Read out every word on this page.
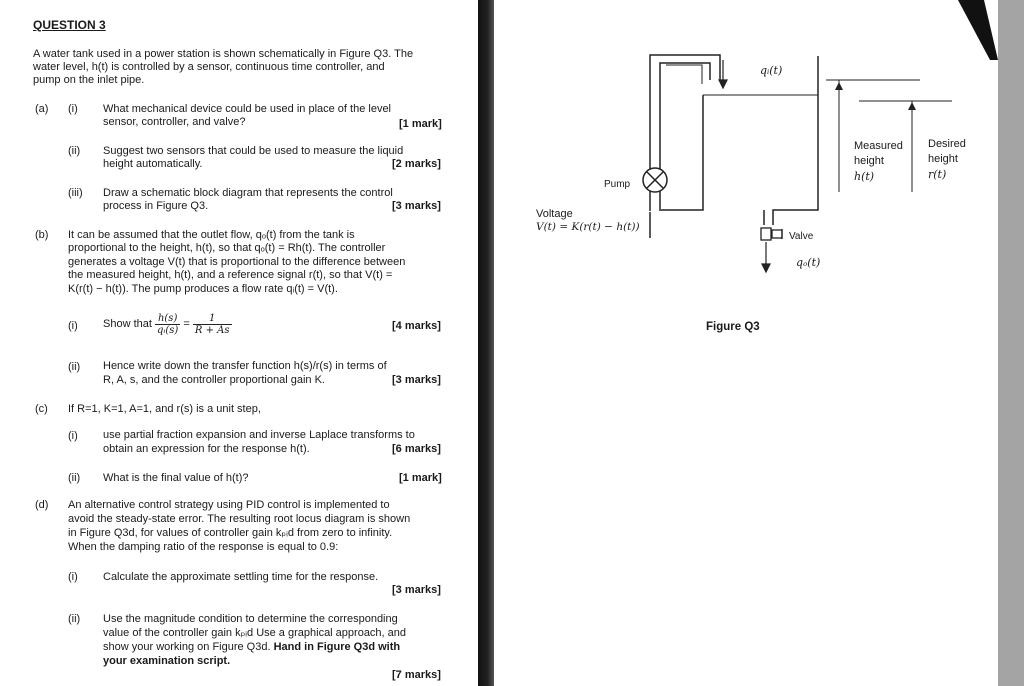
QUESTION 3
A water tank used in a power station is shown schematically in Figure Q3. The
water level, h(t) is controlled by a sensor, continuous time controller, and
pump on the inlet pipe.
(a) (i) What mechanical device could be used in place of the level
sensor, controller, and valve?	[1 mark]
(ii) Suggest two sensors that could be used to measure the liquid
height automatically.	[2 marks]
(iii) Draw a schematic block diagram that represents the control
process in Figure Q3.	[3 marks]
(b) It can be assumed that the outlet flow, qₒ(t) from the tank is
proportional to the height, h(t), so that qₒ(t) = Rh(t). The controller
generates a voltage V(t) that is proportional to the difference between
the measured height, h(t), and a reference signal r(t), so that V(t) =
K(r(t) − h(t)). The pump produces a flow rate qᵢ(t) = V(t).
(i) Show that $\frac{h(s)}{\text{qᵢ(s)}} = \frac{1}{R + As}$	[4 marks]
(ii) Hence write down the transfer function h(s)/r(s) in terms of
R, A, s, and the controller proportional gain K.	[3 marks]
(c) If R=1, K=1, A=1, and r(s) is a unit step,
(i) use partial fraction expansion and inverse Laplace transforms to
obtain an expression for the response h(t).	[6 marks]
(ii) What is the final value of h(t)?	[1 mark]
(d) An alternative control strategy using PID control is implemented to
avoid the steady-state error. The resulting root locus diagram is shown
in Figure Q3d, for values of controller gain kₚᵢd from zero to infinity.
When the damping ratio of the response is equal to 0.9:
(i) Calculate the approximate settling time for the response.
[3 marks]
(ii) Use the magnitude condition to determine the corresponding
value of the controller gain kₚᵢd Use a graphical approach, and
show your working on Figure Q3d. Hand in Figure Q3d with
your examination script.
[7 marks]
qᵢ(t)
Pump
Voltage
V(t) = K(r(t) − h(t))
Valve
qₒ(t)
Measured
height
h(t)
Desired
height
r(t)
Figure Q3
